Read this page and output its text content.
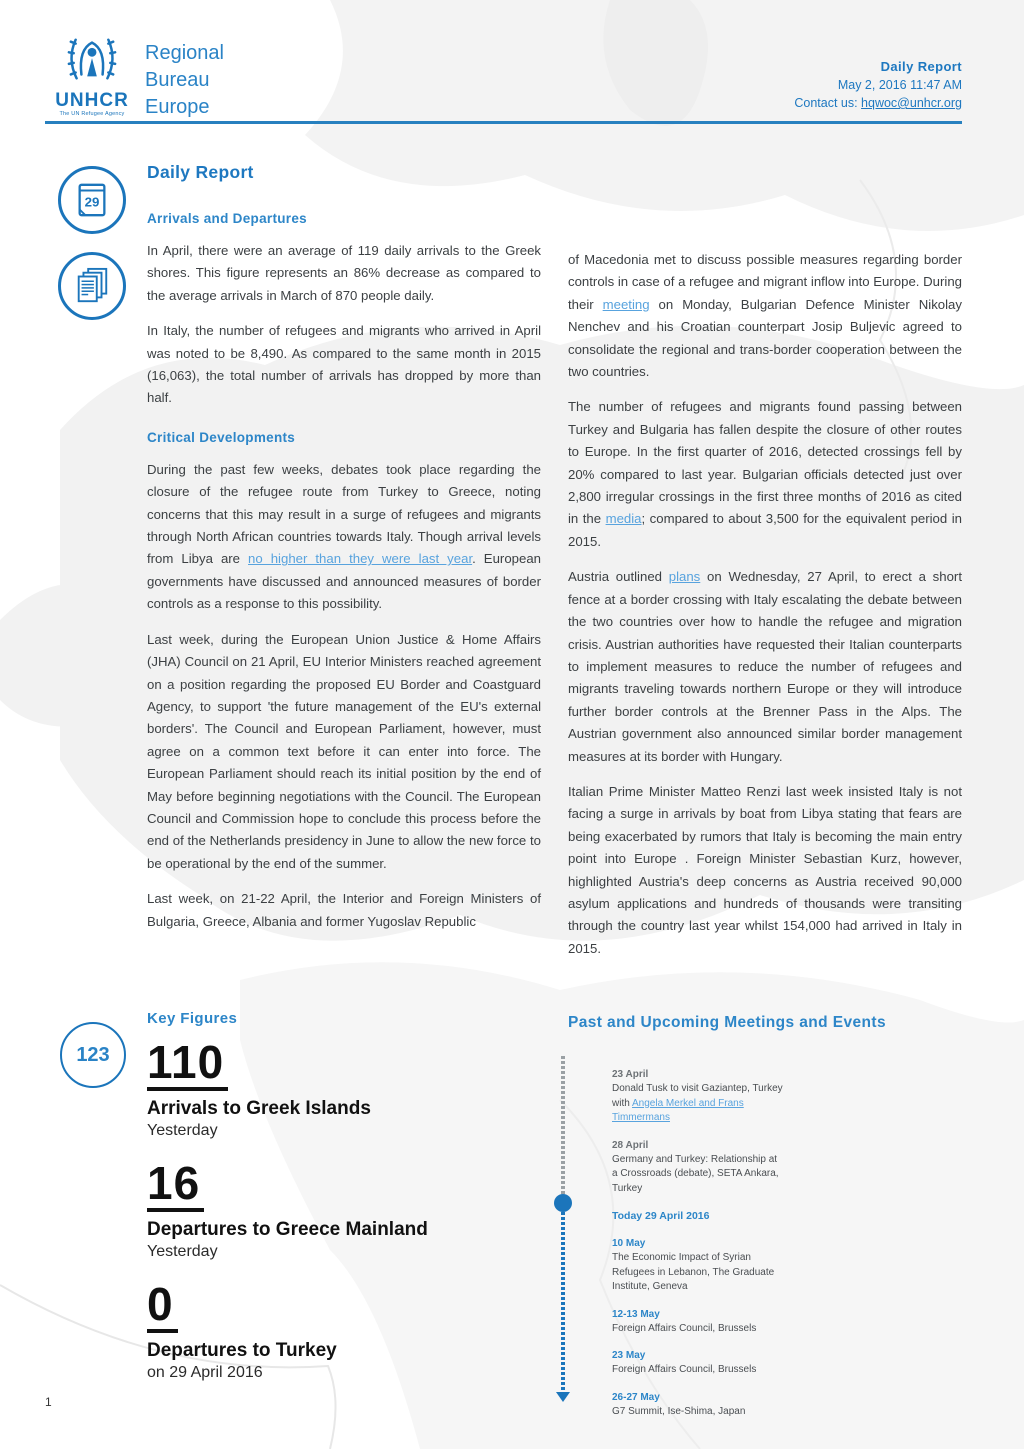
UNHCR
The UN Refugee Agency
Regional
Bureau
Europe
Daily Report
May 2, 2016 11:47 AM
Contact us: hqwoc@unhcr.org
29
123
Daily Report
Arrivals and Departures

In April, there were an average of 119 daily arrivals to the Greek shores. This figure represents an 86% decrease as compared to the average arrivals in March of 870 people daily.

In Italy, the number of refugees and migrants who arrived in April was noted to be 8,490. As compared to the same month in 2015 (16,063), the total number of arrivals has dropped by more than half.

Critical Developments

During the past few weeks, debates took place regarding the closure of the refugee route from Turkey to Greece, noting concerns that this may result in a surge of refugees and migrants through North African countries towards Italy. Though arrival levels from Libya are no higher than they were last year. European governments have discussed and announced measures of border controls as a response to this possibility.

Last week, during the European Union Justice & Home Affairs (JHA) Council on 21 April, EU Interior Ministers reached agreement on a position regarding the proposed EU Border and Coastguard Agency, to support 'the future management of the EU's external borders'. The Council and European Parliament, however, must agree on a common text before it can enter into force. The European Parliament should reach its initial position by the end of May before beginning negotiations with the Council. The European Council and Commission hope to conclude this process before the end of the Netherlands presidency in June to allow the new force to be operational by the end of the summer.

Last week, on 21-22 April, the Interior and Foreign Ministers of Bulgaria, Greece, Albania and former Yugoslav Republic

of Macedonia met to discuss possible measures regarding border controls in case of a refugee and migrant inflow into Europe. During their meeting on Monday, Bulgarian Defence Minister Nikolay Nenchev and his Croatian counterpart Josip Buljevic agreed to consolidate the regional and trans-border cooperation between the two countries.

The number of refugees and migrants found passing between Turkey and Bulgaria has fallen despite the closure of other routes to Europe. In the first quarter of 2016, detected crossings fell by 20% compared to last year. Bulgarian officials detected just over 2,800 irregular crossings in the first three months of 2016 as cited in the media; compared to about 3,500 for the equivalent period in 2015.

Austria outlined plans on Wednesday, 27 April, to erect a short fence at a border crossing with Italy escalating the debate between the two countries over how to handle the refugee and migration crisis. Austrian authorities have requested their Italian counterparts to implement measures to reduce the number of refugees and migrants traveling towards northern Europe or they will introduce further border controls at the Brenner Pass in the Alps. The Austrian government also announced similar border management measures at its border with Hungary.

Italian Prime Minister Matteo Renzi last week insisted Italy is not facing a surge in arrivals by boat from Libya stating that fears are being exacerbated by rumors that Italy is becoming the main entry point into Europe . Foreign Minister Sebastian Kurz, however, highlighted Austria's deep concerns as Austria received 90,000 asylum applications and hundreds of thousands were transiting through the country last year whilst 154,000 had arrived in Italy in 2015.

Key Figures
110
Arrivals to Greek Islands
Yesterday
16
Departures to Greece Mainland
Yesterday
0
Departures to Turkey
on 29 April 2016
Past and Upcoming Meetings and Events
23 April
Donald Tusk to visit Gaziantep, Turkey with Angela Merkel and Frans Timmermans
28 April
Germany and Turkey: Relationship at a Crossroads (debate), SETA Ankara, Turkey
Today 29 April 2016
10 May
The Economic Impact of Syrian Refugees in Lebanon, The Graduate Institute, Geneva
12-13 May
Foreign Affairs Council, Brussels
23 May
Foreign Affairs Council, Brussels
26-27 May
G7 Summit, Ise-Shima, Japan
1
